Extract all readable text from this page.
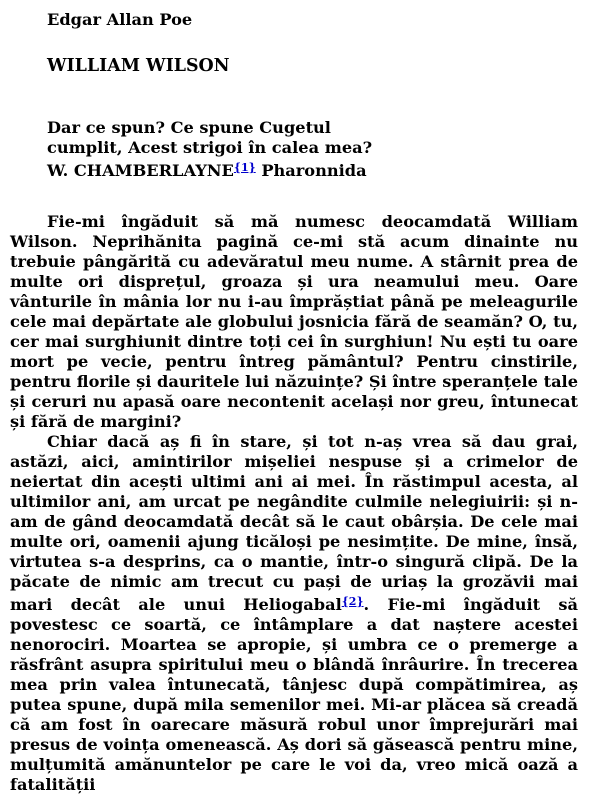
Edgar Allan Poe
WILLIAM WILSON
Dar ce spun? Ce spune Cugetul
cumplit, Acest strigoi în calea mea?
W. CHAMBERLAYNE$^{\{1\}}$ Pharonnida

Fie-mi îngăduit să mă numesc deocamdată William Wilson. Neprihănita pagină ce-mi stă acum dinainte nu trebuie pângărită cu adevăratul meu nume. A stârnit prea de multe ori disprețul, groaza și ura neamului meu. Oare vânturile în mânia lor nu i-au împrăștiat până pe meleagurile cele mai depărtate ale globului josnicia fără de seamăn? O, tu, cer mai surghiunit dintre toți cei în surghiun! Nu ești tu oare mort pe vecie, pentru întreg pământul? Pentru cinstirile, pentru florile și dauritele lui năzuințe? Și între speranțele tale și ceruri nu apasă oare necontenit același nor greu, întunecat și fără de margini?

Chiar dacă aș fi în stare, și tot n-aș vrea să dau grai, astăzi, aici, amintirilor mișeliei nespuse și a crimelor de neiertat din acești ultimi ani ai mei. În răstimpul acesta, al ultimilor ani, am urcat pe negândite culmile nelegiuirii: și n-am de gând deocamdată decât să le caut obârșia. De cele mai multe ori, oamenii ajung ticăloși pe nesimțite. De mine, însă, virtutea s-a desprins, ca o mantie, într-o singură clipă. De la păcate de nimic am trecut cu pași de uriaș la grozăvii mai mari decât ale unui Heliogabal$^{\{2\}}$. Fie-mi îngăduit să povestesc ce soartă, ce întâmplare a dat naștere acestei nenorociri. Moartea se apropie, și umbra ce o premerge a răsfrânt asupra spiritului meu o blândă înrâurire. În trecerea mea prin valea întunecată, tânjesc după compătimirea, aș putea spune, după mila semenilor mei. Mi-ar plăcea să creadă că am fost în oarecare măsură robul unor împrejurări mai presus de voința omenească. Aș dori să găsească pentru mine, mulțumită amănuntelor pe care le voi da, vreo mică oază a fatalității
